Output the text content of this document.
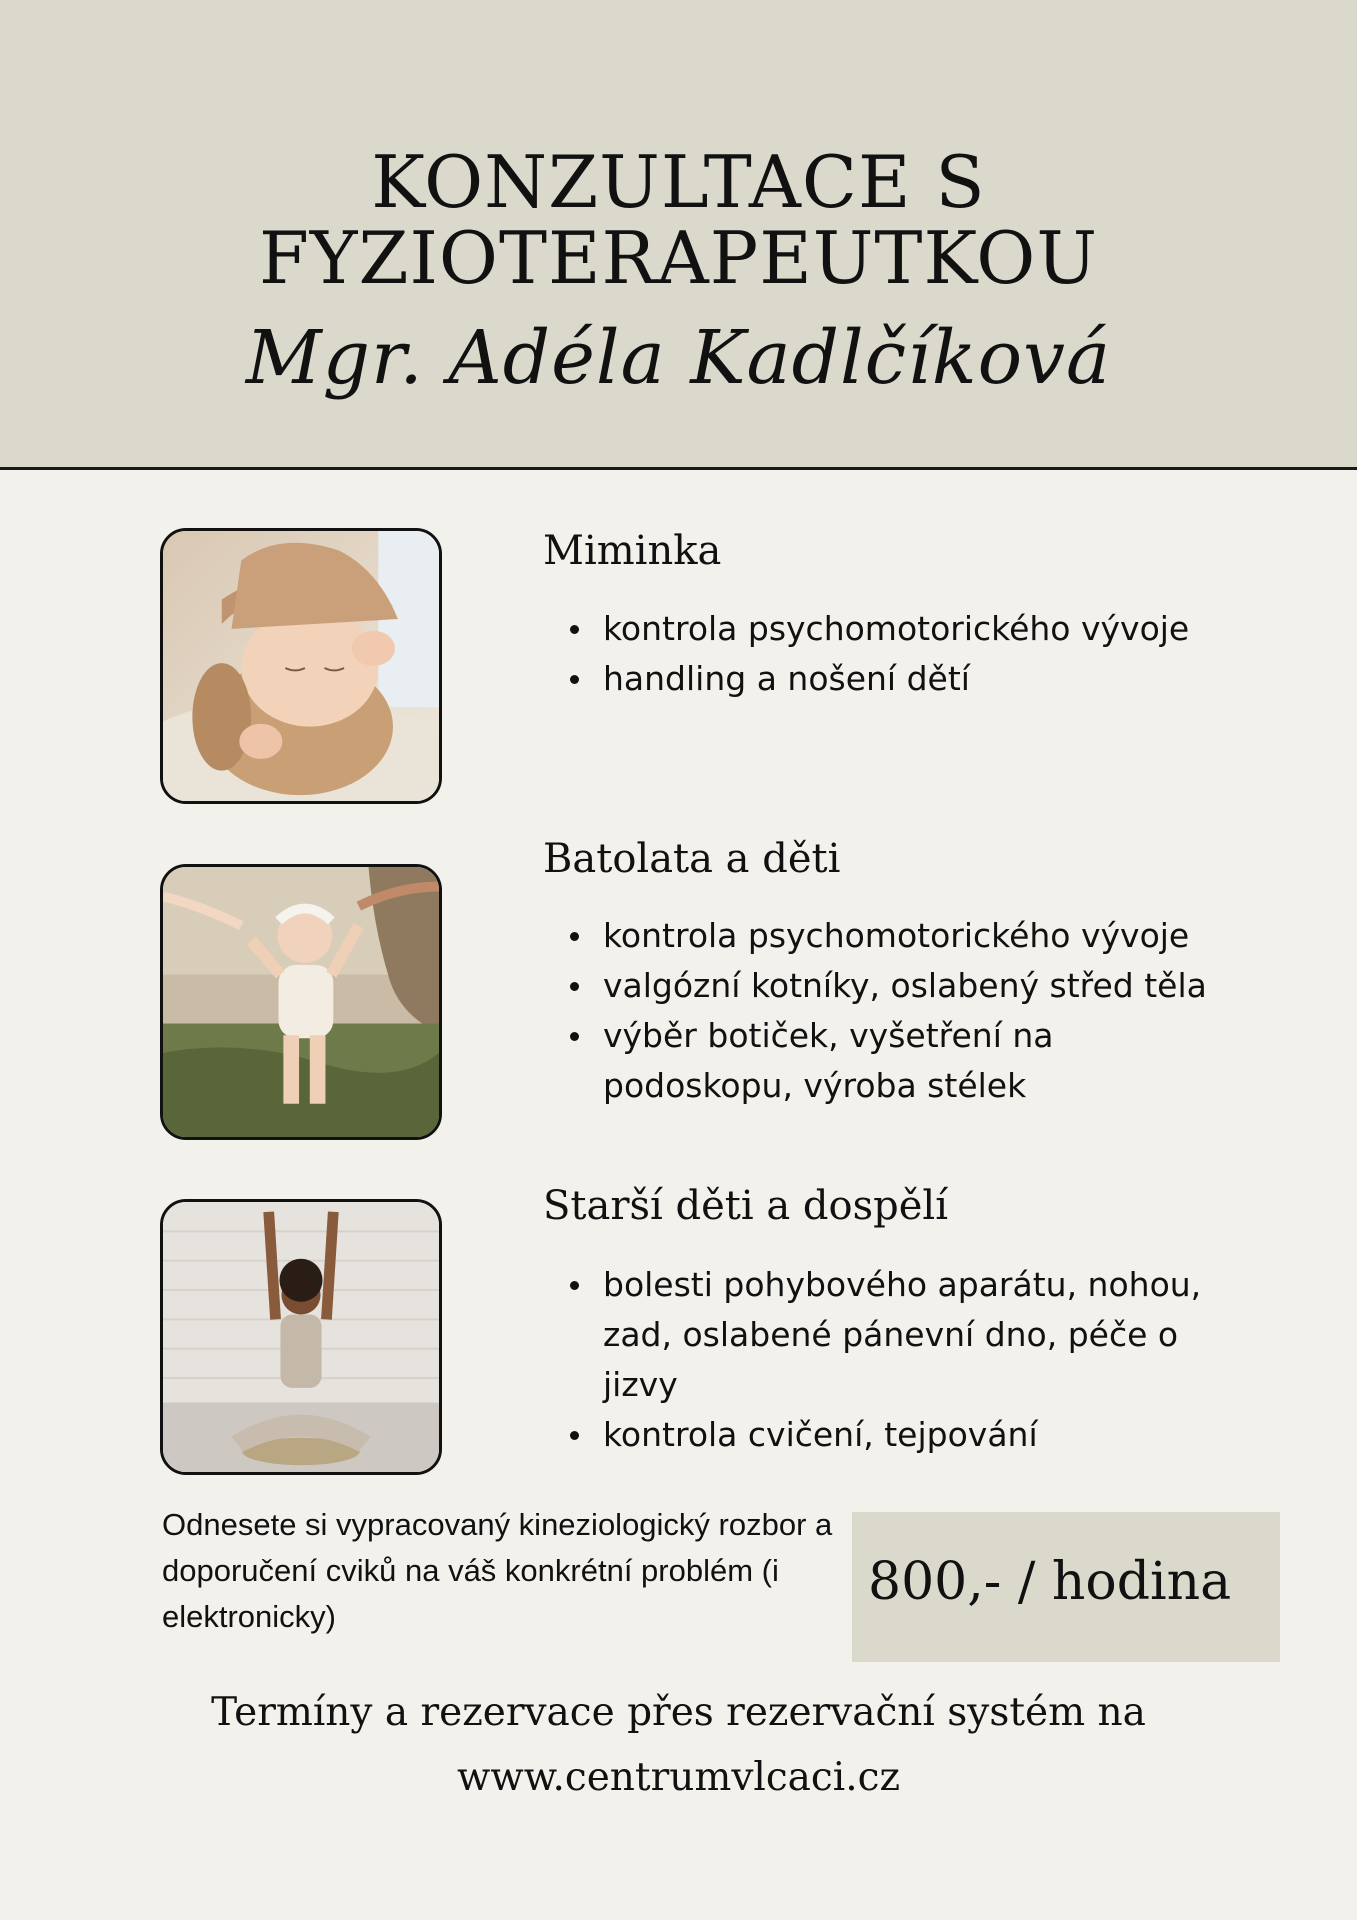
KONZULTACE S
FYZIOTERAPEUTKOU
Mgr. Adéla Kadlčíková
Miminka
kontrola psychomotorického vývoje
handling a nošení dětí
Batolata a děti
kontrola psychomotorického vývoje
valgózní kotníky, oslabený střed těla
výběr botiček, vyšetření na podoskopu, výroba stélek
Starší děti a dospělí
bolesti pohybového aparátu, nohou, zad, oslabené pánevní dno, péče o jizvy
kontrola cvičení, tejpování
Odnesete si vypracovaný kineziologický rozbor a doporučení cviků na váš konkrétní problém (i elektronicky)
800,- / hodina
Termíny a rezervace přes rezervační systém na
www.centrumvlcaci.cz
